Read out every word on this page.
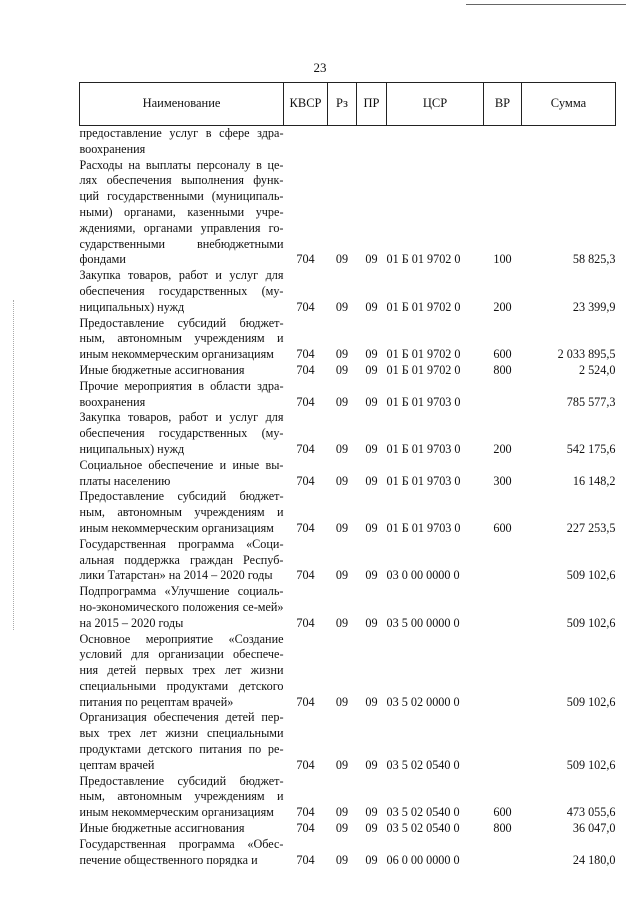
23
Наименование	КВСР	Рз	ПР	ЦСР	ВР	Сумма
предоставление услуг в сфере здра-воохранения						
Расходы на выплаты персоналу в це-лях обеспечения выполнения функ-ций государственными (муниципаль-ными) органами, казенными учре-ждениями, органами управления го-сударственными внебюджетными фондами	704	09	09	01 Б 01 9702 0	100	58 825,3
Закупка товаров, работ и услуг для обеспечения государственных (му-ниципальных) нужд	704	09	09	01 Б 01 9702 0	200	23 399,9
Предоставление субсидий бюджет-ным, автономным учреждениям и иным некоммерческим организациям	704	09	09	01 Б 01 9702 0	600	2 033 895,5
Иные бюджетные ассигнования	704	09	09	01 Б 01 9702 0	800	2 524,0
Прочие мероприятия в области здра-воохранения	704	09	09	01 Б 01 9703 0		785 577,3
Закупка товаров, работ и услуг для обеспечения государственных (му-ниципальных) нужд	704	09	09	01 Б 01 9703 0	200	542 175,6
Социальное обеспечение и иные вы-платы населению	704	09	09	01 Б 01 9703 0	300	16 148,2
Предоставление субсидий бюджет-ным, автономным учреждениям и иным некоммерческим организациям	704	09	09	01 Б 01 9703 0	600	227 253,5
Государственная программа «Соци-альная поддержка граждан Респуб-лики Татарстан» на 2014 – 2020 годы	704	09	09	03 0 00 0000 0		509 102,6
Подпрограмма «Улучшение социаль-но-экономического положения се-мей» на 2015 – 2020 годы	704	09	09	03 5 00 0000 0		509 102,6
Основное мероприятие «Создание условий для организации обеспече-ния детей первых трех лет жизни специальными продуктами детского питания по рецептам врачей»	704	09	09	03 5 02 0000 0		509 102,6
Организация обеспечения детей пер-вых трех лет жизни специальными продуктами детского питания по ре-цептам врачей	704	09	09	03 5 02 0540 0		509 102,6
Предоставление субсидий бюджет-ным, автономным учреждениям и иным некоммерческим организациям	704	09	09	03 5 02 0540 0	600	473 055,6
Иные бюджетные ассигнования	704	09	09	03 5 02 0540 0	800	36 047,0
Государственная программа «Обес-печение общественного порядка и	704	09	09	06 0 00 0000 0		24 180,0
